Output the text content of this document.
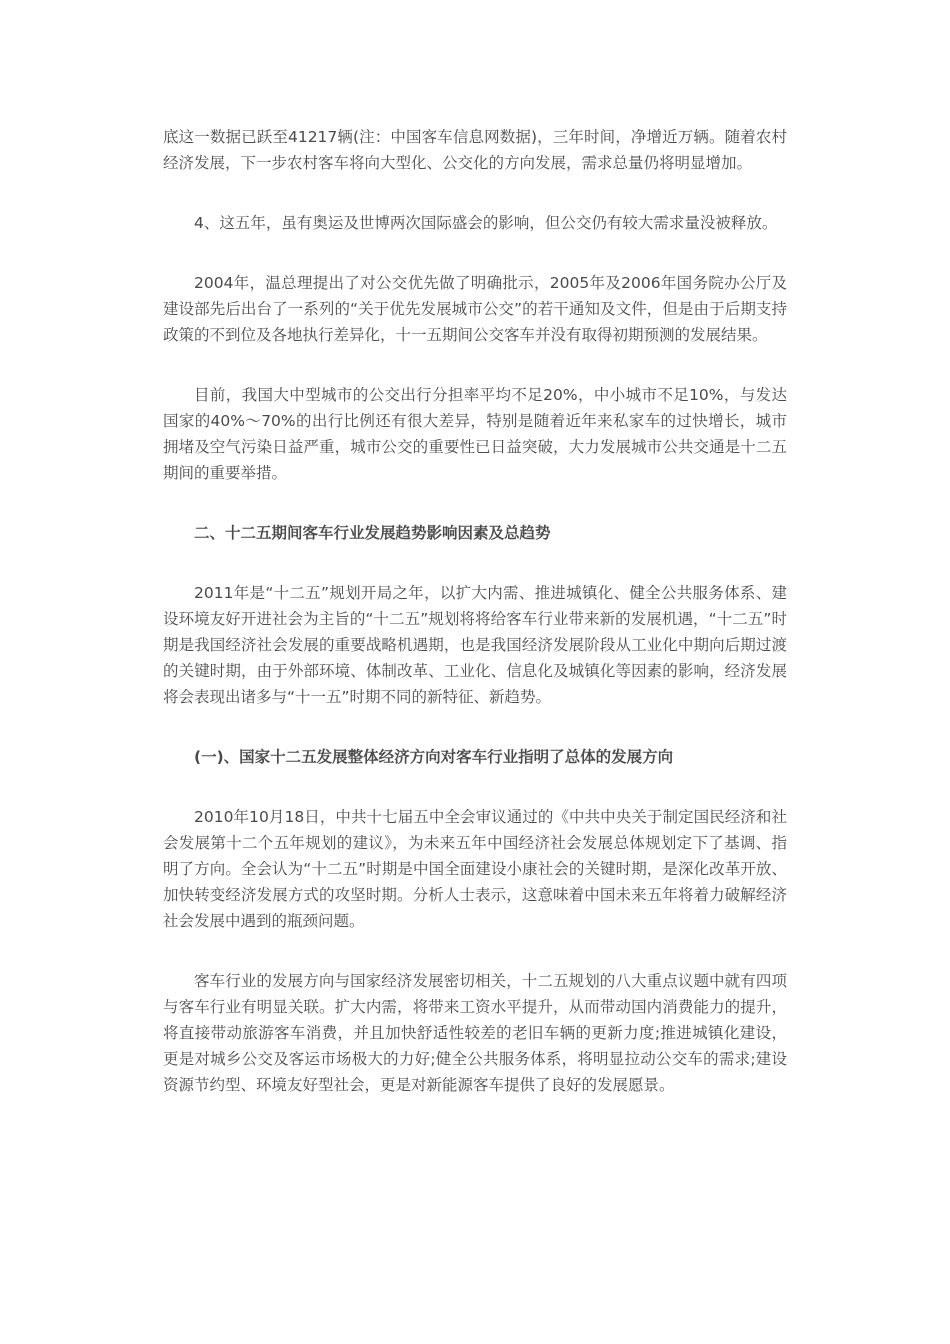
底这一数据已跃至41217辆(注：中国客车信息网数据)，三年时间，净增近万辆。随着农村经济发展，下一步农村客车将向大型化、公交化的方向发展，需求总量仍将明显增加。

4、这五年，虽有奥运及世博两次国际盛会的影响，但公交仍有较大需求量没被释放。

2004年，温总理提出了对公交优先做了明确批示，2005年及2006年国务院办公厅及建设部先后出台了一系列的“关于优先发展城市公交”的若干通知及文件，但是由于后期支持政策的不到位及各地执行差异化，十一五期间公交客车并没有取得初期预测的发展结果。

目前，我国大中型城市的公交出行分担率平均不足20%，中小城市不足10%，与发达国家的40%～70%的出行比例还有很大差异，特别是随着近年来私家车的过快增长，城市拥堵及空气污染日益严重，城市公交的重要性已日益突破，大力发展城市公共交通是十二五期间的重要举措。

二、十二五期间客车行业发展趋势影响因素及总趋势

2011年是“十二五”规划开局之年，以扩大内需、推进城镇化、健全公共服务体系、建设环境友好开进社会为主旨的“十二五”规划将将给客车行业带来新的发展机遇，“十二五”时期是我国经济社会发展的重要战略机遇期，也是我国经济发展阶段从工业化中期向后期过渡的关键时期，由于外部环境、体制改革、工业化、信息化及城镇化等因素的影响，经济发展将会表现出诸多与“十一五”时期不同的新特征、新趋势。

(一)、国家十二五发展整体经济方向对客车行业指明了总体的发展方向

2010年10月18日，中共十七届五中全会审议通过的《中共中央关于制定国民经济和社会发展第十二个五年规划的建议》，为未来五年中国经济社会发展总体规划定下了基调、指明了方向。全会认为“十二五”时期是中国全面建设小康社会的关键时期，是深化改革开放、加快转变经济发展方式的攻坚时期。分析人士表示，这意味着中国未来五年将着力破解经济社会发展中遇到的瓶颈问题。

客车行业的发展方向与国家经济发展密切相关，十二五规划的八大重点议题中就有四项与客车行业有明显关联。扩大内需，将带来工资水平提升，从而带动国内消费能力的提升，将直接带动旅游客车消费，并且加快舒适性较差的老旧车辆的更新力度;推进城镇化建设，更是对城乡公交及客运市场极大的力好;健全公共服务体系，将明显拉动公交车的需求;建设资源节约型、环境友好型社会，更是对新能源客车提供了良好的发展愿景。
